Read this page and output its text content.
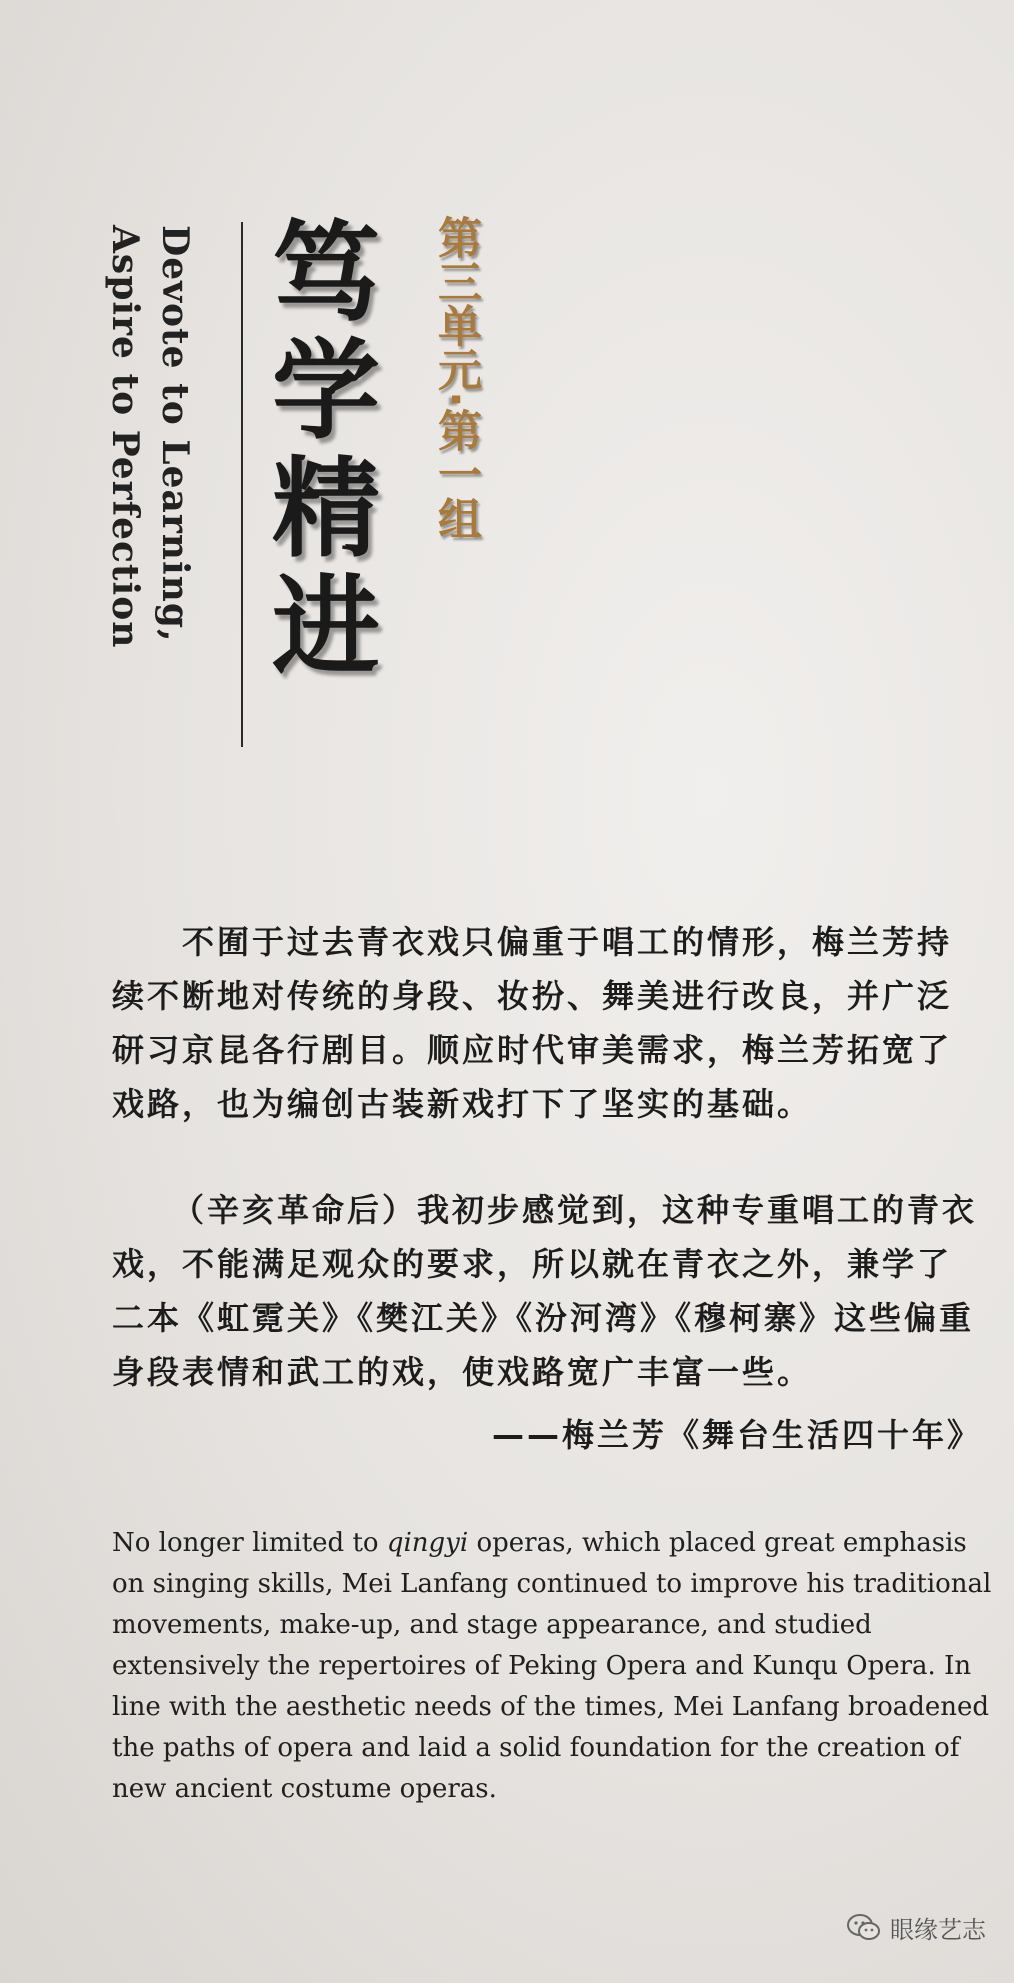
Devote to Learning,
Aspire to Perfection 笃学精进
第三单元·第一组
不囿于过去青衣戏只偏重于唱工的情形，梅兰芳持续不断地对传统的身段、妆扮、舞美进行改良，并广泛研习京昆各行剧目。顺应时代审美需求，梅兰芳拓宽了戏路，也为编创古装新戏打下了坚实的基础。
（辛亥革命后）我初步感觉到，这种专重唱工的青衣戏，不能满足观众的要求，所以就在青衣之外，兼学了二本《虹霓关》《樊江关》《汾河湾》《穆柯寨》这些偏重身段表情和武工的戏，使戏路宽广丰富一些。
——梅兰芳《舞台生活四十年》
No longer limited to qingyi operas, which placed great emphasis on singing skills, Mei Lanfang continued to improve his traditional movements, make-up, and stage appearance, and studied extensively the repertoires of Peking Opera and Kunqu Opera. In line with the aesthetic needs of the times, Mei Lanfang broadened the paths of opera and laid a solid foundation for the creation of new ancient costume operas.
眼缘艺志
